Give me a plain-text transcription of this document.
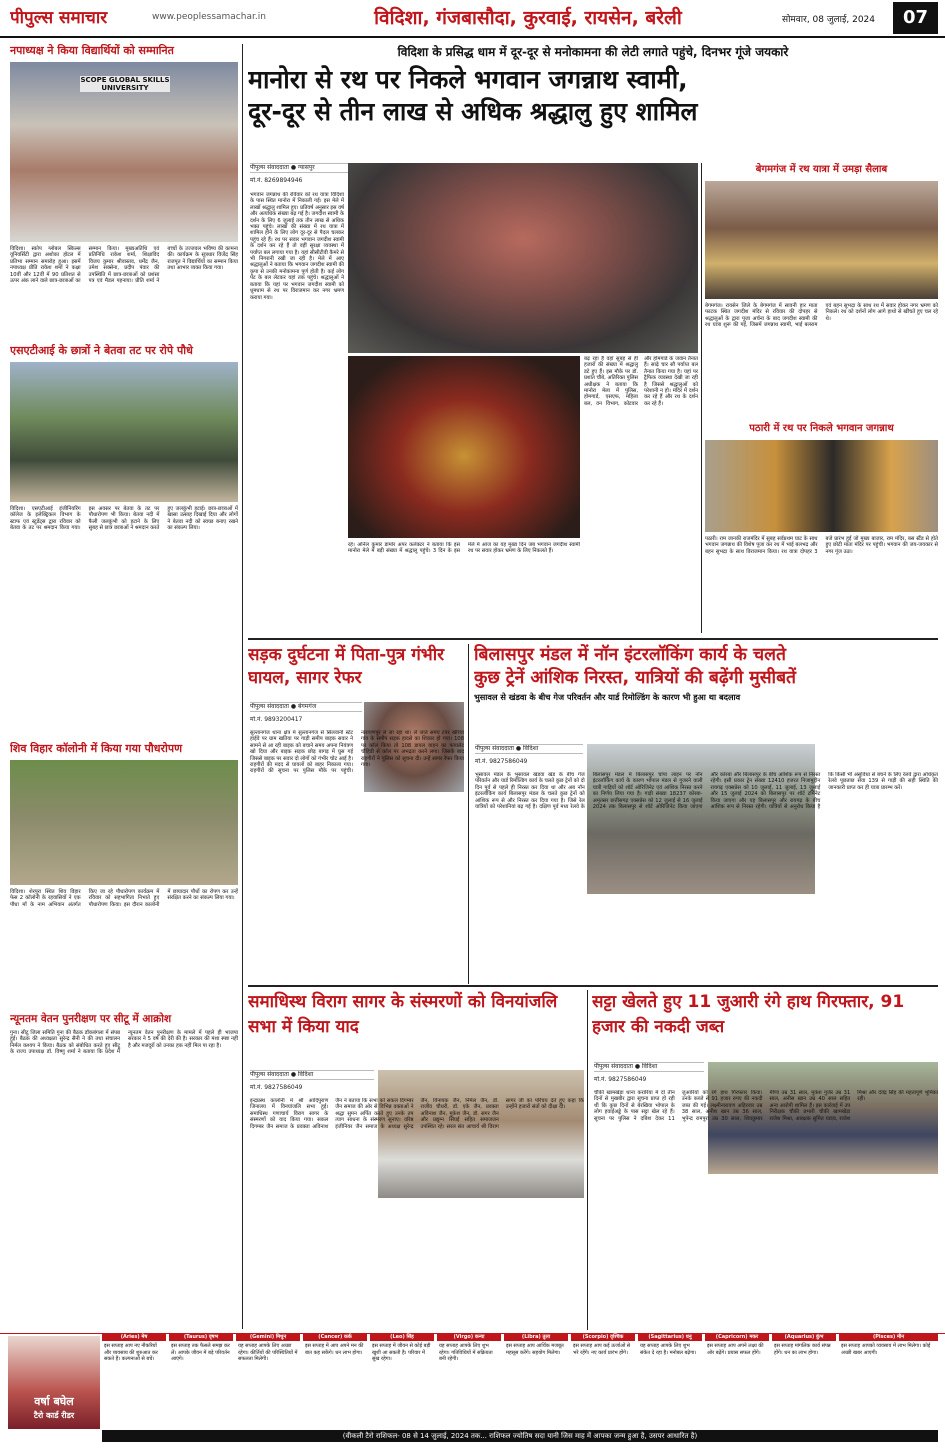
पीपुल्स समाचार	www.peoplessamachar.in	विदिशा, गंजबासौदा, कुरवाई, रायसेन, बरेली	सोमवार, 08 जुलाई, 2024	07
नपाध्यक्ष ने किया विद्यार्थियों को सम्मानित
SCOPE GLOBAL SKILLS UNIVERSITY
विदिशा। स्कोप ग्लोबल स्किल्स यूनिवर्सिटी द्वारा अशोका होटल में प्रतिभा सम्मान समारोह हुआ। इसमें नपाध्यक्ष प्रीति राकेश शर्मा ने कक्षा 10वीं और 12वीं में 90 प्रतिशत से ऊपर अंक लाने वाले छात्र-छात्राओं का सम्मान किया। मुख्यअतिथि एवं प्रतिनिधि राकेश शर्मा, शिक्षाविद विजय कुमार श्रीवास्तव, धर्मेंद्र जैन, उमेश सक्सेना, प्रदीप पंवार की उपस्थिति में छात्र-छात्राओं को प्रशंसा पत्र एवं मैडल पहनाया। प्रीति शर्मा ने बच्चों के उज्जवल भविष्य की कामना की। कार्यक्रम के सूत्रधार विजेंद्र सिंह राजपूत ने विद्यार्थियों का सम्मान किया तथा आभार व्यक्त किया गया।
एसएटीआई के छात्रों ने बेतवा तट पर रोपे पौधे
विदिशा। एसएटीआई इंजीनियरिंग कॉलेज के इलेक्ट्रिकल विभाग के स्टाफ एवं स्टूडेंट्स द्वारा रविवार को बेतवा के तट पर श्रमदान किया गया। इस अवसर पर बेतवा के तट पर पौधारोपण भी किया। बेतवा नदी में फैली जलकुंभी को हटाने के लिए सुबह से छात्र छात्राओं ने श्रमदान करते हुए जलकुंभी हटाई। छात्र-छात्राओं में खासा उत्साह दिखाई दिया और लोगों ने बेतवा नदी को स्वच्छ बनाए रखने का संकल्प लिया।
शिव विहार कॉलोनी में किया गया पौधरोपण
विदिशा। शेरपुरा स्थित शिव विहार फेस 2 कॉलोनी के रहवासियों ने एक पौधा माँ के नाम अभियान अंतर्गत किए जा रहे पौधारोपण कार्यक्रम में रविवार को सहभागिता निभाते हुए पौधारोपण किया। इस दौरान कालोनी में छायादार पौधों का रोपण कर उन्हें संरक्षित करने का संकल्प लिया गया।
न्यूनतम वेतन पुनरीक्षण पर सीटू में आक्रोश
गुना। सीटू जिला समिति गुना की बैठक डॉकबंगला में संपन्न हुई। बैठक की अध्यक्षता सुरेन्द्र सैनी ने की तथा संचालन निर्मल कश्यप ने किया। बैठक को संबोधित करते हुए सीटू के राज्य उपाध्यक्ष डॉ. विष्णु शर्मा ने बताया कि प्रदेश में न्यूनतम वेतन पुनरीक्षण के मामले में पहले ही भाजपा सरकार ने 5 वर्ष की देरी की है। सरकार की मंशा स्पष्ट नहीं है और मजदूरों को उनका हक नहीं मिल पा रहा है।
विदिशा के प्रसिद्ध धाम में दूर-दूर से मनोकामना की लेटी लगाते पहुंचे, दिनभर गूंजे जयकारे
मानोरा से रथ पर निकले भगवान जगन्नाथ स्वामी,
दूर-दूर से तीन लाख से अधिक श्रद्धालु हुए शामिल
पीपुल्स संवाददाता ● ग्यासपुर
मो.नं. 8269894946
भगवान जगन्नाथ की रविवार को रथ यात्रा विदिशा के पास स्थित मानोरा में निकाली गई। इस मेले में लाखों श्रद्धालु शामिल हुए। प्रतिवर्ष अनुसार इस वर्ष और अत्यधिक संख्या बढ़ गई है। जगदीश स्वामी के दर्शन के लिए 6 जुलाई तक तीन लाख से अधिक भक्त पहुंचे। लाखों की संख्या में रथ यात्रा में शामिल होने के लिए लोग दूर-दूर से पैदल चलकर पहुंच रहे हैं। रथ पर सवार भगवान जगदीश स्वामी के दर्शन कर रहे हैं तो वहीं सुरक्षा व्यवस्था में पर्याप्त बल लगाया गया है। यहां सीसीटीवी कैमरे से भी निगरानी रखी जा रही है। मेले में आए श्रद्धालुओं ने बताया कि भगवान जगदीश स्वामी की कृपा से उनकी मनोकामना पूर्ण होती है। कई लोग पेट के बल लेटकर यहां तक पहुंचे। श्रद्धालुओं ने बताया कि यहां पर भगवान जगदीश स्वामी को धूमधाम से रथ पर विराजमान कर नगर भ्रमण कराया गया।
रहे। अनिल कुमार डामोर अपर कलेक्टर ने बताया कि इस मानोरा मेले में बड़ी संख्या में श्रद्धालु पहुंचे। 3 दिन के इस मेले में आज का यह मुख्य दिन जब भगवान जगदीश स्वामी रथ पर सवार होकर भ्रमण के लिए निकलते हैं।
बढ़ रहा है वहां सुबह से ही हजारों की संख्या में श्रद्धालु डटे हुए हैं। इस मौके पर डॉ. प्रशांत चौबे, अतिरिक्त पुलिस अधीक्षक ने बताया कि मानोरा मेला में पुलिस, होमगार्ड, एसएफ, महिला बल, वन विभाग, कोटवार और होमगार्ड के जवान तैनात हैं। साढ़े चार सौ पर्याप्त बल तैनात किया गया है। यहां पर ट्रैफिक व्यवस्था देखी जा रही है जिससे श्रद्धालुओं को परेशानी न हो। मंदिर में दर्शन कर रहे हैं और रथ के दर्शन कर रहे हैं।
बेगमगंज में रथ यात्रा में उमड़ा सैलाब
बेगमगंज। रायसेन जिले के बेगमगंज में सावनी हार माता फाटक स्थित जगदीश मंदिर से रविवार की दोपहर से श्रद्धालुओं के द्वारा पूजा अर्चना के बाद जगदीश स्वामी की रथ यात्रा शुरू की गई, जिसमें जगन्नाथ स्वामी, भाई बलराम एवं बहन सुभद्रा के साथ रथ में सवार होकर नगर भ्रमण को निकले। रथ को दर्शनों लोग आगे हाथो से खींचते हुए चल रहे थे।
पठारी में रथ पर निकले भगवान जगन्नाथ
पठारी। राम जानकी राजमंदिर में सुबह सर्वप्रथम घाट के साथ भगवान जगन्नाथ की विशेष पूजा कर रथ में भाई बलभद्र और बहन सुभद्रा के साथ विराजमान किया। रथ यात्रा दोपहर 3 बजे प्रारंभ हुई जो मुख्य बाजार, राम मंदिर, बस स्टैंड से होते हुए छोटी माता मंदिर पर पहुंची। भगवान की जय-जयकार से नगर गूंज उठा।
सड़क दुर्घटना में पिता-पुत्र गंभीर घायल, सागर रेफर
पीपुल्स संवाददाता ● बेगमगंज
मो.नं. 9893200417
सुल्तानगंज थाना क्षेत्र में सुल्तानगंज से सिलवानी स्टेट हाईवे पर ग्राम खतिया पर गाड़ी समीप बाइक सवार ने सामने से आ रही बाइक को बचाने समय अपना नियंत्रण खो दिया और बाइक सड़क छोड़ बागड़ में घुस गई जिससे बाइक पर सवार दो लोगों को गंभीर चोट आई है। राहगीरों की मदद से घायलों को बाहर निकाला गया। राहगीरों की सूचना पर पुलिस मौके पर पहुंची। नारायणपुर ले जा रहा था। ले जाते समय टपर खेरिया गांव के समीप सड़क हादसे का शिकार हो गया। 108 पर कॉल किया तो 108 डायल वाहन का फायलेट चौहिडी से कॉल पर अभद्रता करने लगा। जिसके बाद राहगीरों ने पुलिस को सूचना दी। उन्हें सागर रेफर किया गया।
बिलासपुर मंडल में नॉन इंटरलॉकिंग कार्य के चलते
कुछ ट्रेनें आंशिक निरस्त, यात्रियों की बढ़ेंगी मुसीबतें
भुसावल से खंडवा के बीच गेज परिवर्तन और यार्ड रिमोल्डिंग के कारण भी हुआ था बदलाव
पीपुल्स संवाददाता ● विदिशा
मो.नं. 9827586049
भुसावल मंडल के भुसावल खंडवा खंड के बीच गेज परिवर्तन और यार्ड रिमोल्डिंग कार्य के चलते कुछ ट्रेनों को दो दिन पूर्व से पहले ही निरस्त कर दिया था और अब नॉन इंटरलॉकिंग कार्य बिलासपुर मंडल के चलते कुछ ट्रेनों को आंशिक रूप से और निरस्त कर दिया गया है। जिसे रेल यात्रियों को परेशानियां बढ़ गई है। दक्षिण पूर्व मध्य रेलवे के बिलासपुर मंडल में बिलासपुर चांपा लाइन पर नॉन इंटरलॉकिंग कार्य के कारण भोपाल मंडल से गुजरने वाली यात्री गाड़ियों को शॉर्ट ओरिजिनेट एवं आंशिक निरस्त करने का निर्णय लिया गया है। गाड़ी संख्या 18237 कोरबा-अमृतसर छत्तीसगढ़ एक्सप्रेस को 12 जुलाई से 16 जुलाई 2024 तक बिलासपुर से शॉर्ट ओरिजिनेट किया जाएगा और कोरबा और बिलासपुर के बीच आंशिक रूप से निरस्त रहेगी। इसी प्रकार ट्रेन संख्या 12410 हजरत निजामुद्दीन रायगढ़ एक्सप्रेस को 10 जुलाई, 11 जुलाई, 13 जुलाई और 15 जुलाई 2024 को बिलासपुर पर शॉर्ट टर्मिनेट किया जाएगा और यह बिलासपुर और रायगढ़ के बीच आंशिक रूप से निरस्त रहेगी। यात्रियों से अनुरोध किया है कि किसी भी असुविधा से बचने के लिए रेलवे द्वारा अधिकृत रेलवे पूछताछ सेवा 139 से गाड़ी की सही स्थिति की जानकारी प्राप्त कर ही यात्रा प्रारम्भ करें।
समाधिस्थ विराग सागर के संस्मरणों को विनयांजलि सभा में किया याद
पीपुल्स संवाददाता ● विदिशा
मो.नं. 9827586049
इन्द्रप्रस्थ कालोनी में श्री आदिपुराण जिनालय में विनयांजलि सभा हुई। समाधिस्थ गणाचार्य विराग सागर के संस्मरणों को याद किया गया। सकल दिगम्बर जैन समाज के प्रवक्ता अविनाश जैन ने बताया कि सभा को सकल दिगम्बर जैन समाज की ओर से विभिन्न वक्ताओं ने श्रद्धा सुमन अर्पित करते हुए उनके तप त्याग साधना के संस्मरण सुनाए। वरिष्ठ इंजीनियर जैन समाज के अध्यक्ष सुरेन्द्र जैन, विनायक जैन, निर्मल जैन, डॉ. राजीव चौधरी, डॉ. एके जैन, प्रवक्ता अविनाश जैन, मुकेश जैन, डॉ. सगर जैन और प्रद्युम्न सिंघई सहित समाजजन उपस्थित रहे। सरल संत आचार्य श्री विराग सागर जी का परिचय देते हुए कहा कि उन्होंने हजारों संतों को दीक्षा दी।
सट्टा खेलते हुए 11 जुआरी रंगे हाथ गिरफ्तार, 91 हजार की नकदी जब्त
पीपुल्स संवाददाता ● विदिशा
मो.नं. 9827586049
चौकी खामखेड़ा थाना करारिया में दो तीन दिनों से मुखबीर द्वारा सूचना प्राप्त हो रही थी कि कुछ दिनों से बेरखिया भोपाल के लोग हवाईअड्डे के पास सट्टा खेल रहे हैं। सूचना पर पुलिस ने दबिश देकर 11 जुआरियों को रंगे हाथ गिरफ्तार किया। उनके कब्जे से 91 हजार रुपए की नकदी जब्त की गई। लक्ष्मीनारायण अहिरवार उम्र 38 साल, अनीश खान उम्र 36 साल, भूपेन्द्र रामपुरा उम्र 30 साल, शिवकुमार मीणा उम्र 31 साल, मुकेश गुर्जर उम्र 31 साल, अनीस खान उम्र 40 साल सहित अन्य आरोपी शामिल हैं। इस कार्रवाई में उप निरीक्षक चौकी प्रभारी चौकी खामखेड़ा राजेश मिश्रा, आरक्षक सुमित यादव, राजेश मिश्रा और देवेंद्र सिंह की महत्वपूर्ण भूमिका रही।
वर्षा बघेल
टैरो कार्ड रीडर
(Aries) मेष
इस सप्ताह आप नए नौकरियों और व्यवसाय की शुरुआत कर सकते हैं। कल्पनाओं से बचें।
(Taurus) वृषभ
इस सप्ताह तक फैसले समझ कर लें। आपके जीवन में बड़े परिवर्तन आएंगे।
(Gemini) मिथुन
यह सप्ताह आपके लिए अच्छा रहेगा। कीर्तियों की परिस्थितियों में सफलता मिलेगी।
(Cancer) कर्क
इस सप्ताह में आप अपने मन की बात कह सकेंगे। धन लाभ होगा।
(Leo) सिंह
इस सप्ताह में जीवन से कोई बड़ी खुशी आ सकती है। परिवार में सुख रहेगा।
(Virgo) कन्या
यह सप्ताह आपके लिए शुभ रहेगा। गतिविधियों में सक्रियता बनी रहेगी।
(Libra) तुला
इस सप्ताह आप आर्थिक मजबूत महसूस करेंगे। सहयोग मिलेगा।
(Scorpio) वृश्चिक
इस सप्ताह आप कई ऊर्जाओं से भरे रहेंगे। नए कार्य प्रारंभ होंगे।
(Sagittarius) धनु
यह सप्ताह आपके लिए शुभ संकेत दे रहा है। मनोबल बढ़ेगा।
(Capricorn) मकर
इस सप्ताह आप अपने लक्ष्य की ओर बढ़ेंगे। प्रयास सफल होंगे।
(Aquarius) कुंभ
इस सप्ताह मांगलिक कार्य संपन्न होंगे। धन का लाभ होगा।
(Pisces) मीन
इस सप्ताह आपको व्यवसाय में लाभ मिलेगा। कोई अच्छी खबर आएगी।
(वीकली टैरो राशिफल- 08 से 14 जुलाई, 2024 तक... राशिफल ज्योतिष सदा यानी जिस माह में आपका जन्म हुआ है, उसपर आधारित है)
